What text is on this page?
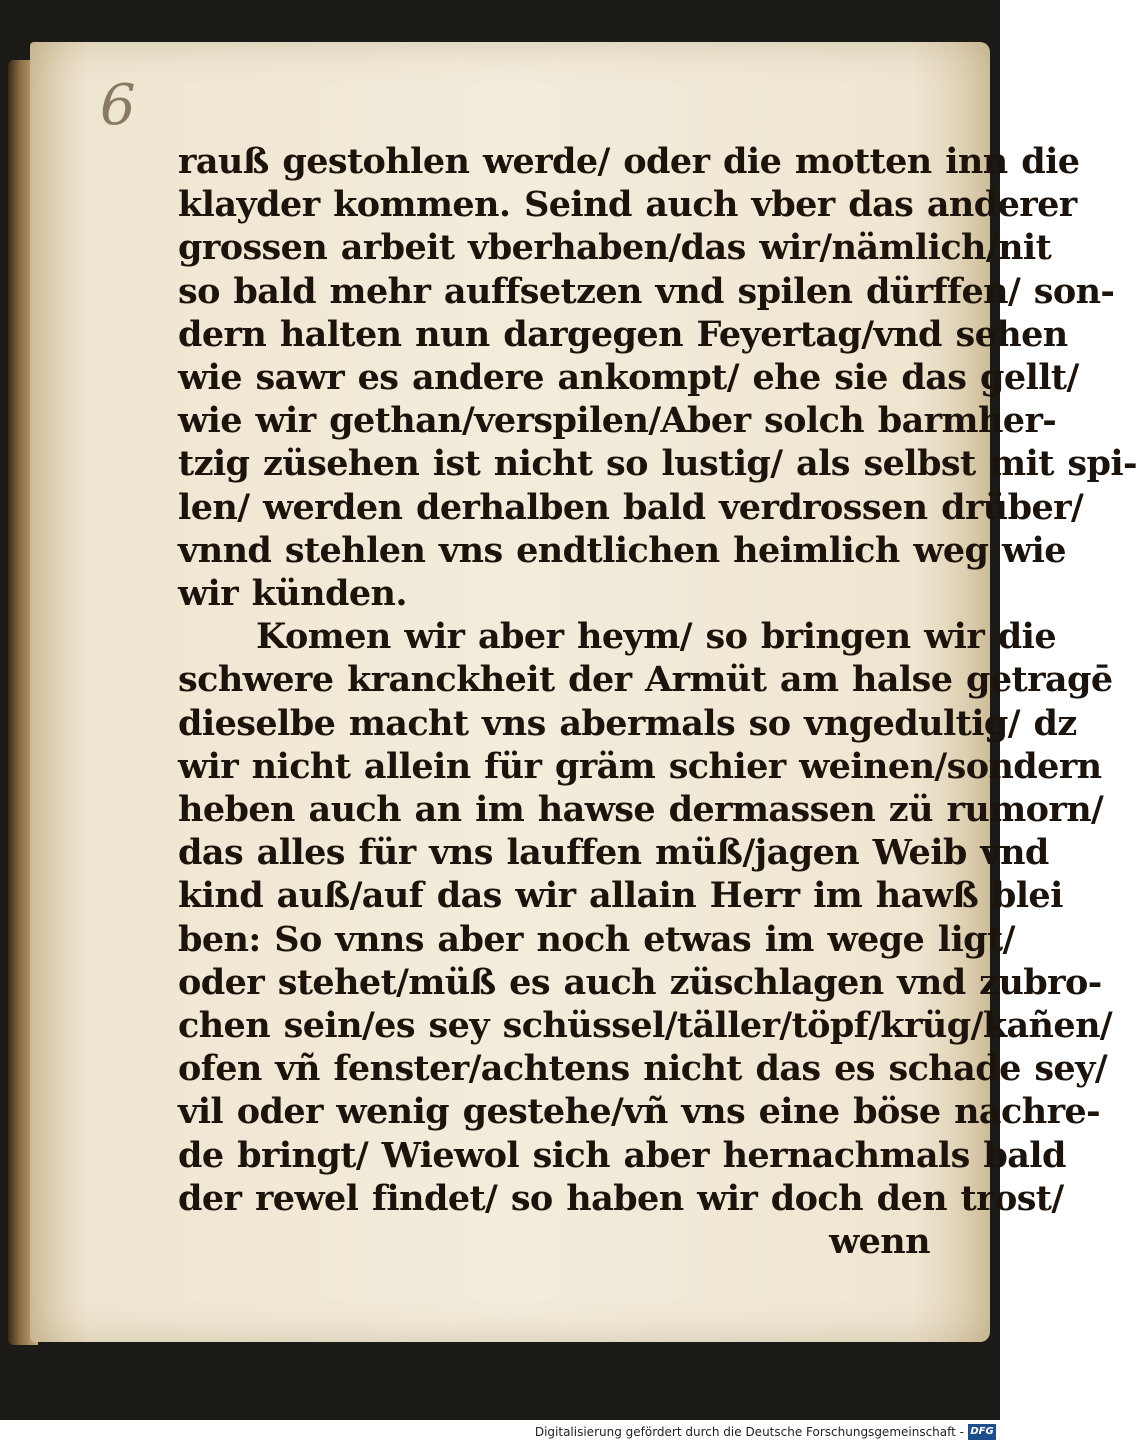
6
rauß gestohlen werde/ oder die motten inn die
klayder kommen. Seind auch vber das anderer
grossen arbeit vberhaben/das wir/nämlich/nit
so bald mehr auffsetzen vnd spilen dürffen/ son-
dern halten nun dargegen Feyertag/vnd sehen
wie sawr es andere ankompt/ ehe sie das gellt/
wie wir gethan/verspilen/Aber solch barmher-
tzig züsehen ist nicht so lustig/ als selbst mit spi-
len/ werden derhalben bald verdrossen drüber/
vnnd stehlen vns endtlichen heimlich weg wie
wir künden.
Komen wir aber heym/ so bringen wir die
schwere kranckheit der Armüt am halse getragē
dieselbe macht vns abermals so vngedultig/ dz
wir nicht allein für gräm schier weinen/sondern
heben auch an im hawse dermassen zü rumorn/
das alles für vns lauffen müß/jagen Weib vnd
kind auß/auf das wir allain Herr im hawß blei
ben: So vnns aber noch etwas im wege ligt/
oder stehet/müß es auch züschlagen vnd zubro-
chen sein/es sey schüssel/täller/töpf/krüg/kañen/
ofen vñ fenster/achtens nicht das es schade sey/
vil oder wenig gestehe/vñ vns eine böse nachre-
de bringt/ Wiewol sich aber hernachmals bald
der rewel findet/ so haben wir doch den trost/
wenn
Digitalisierung gefördert durch die Deutsche Forschungsgemeinschaft - DFG
